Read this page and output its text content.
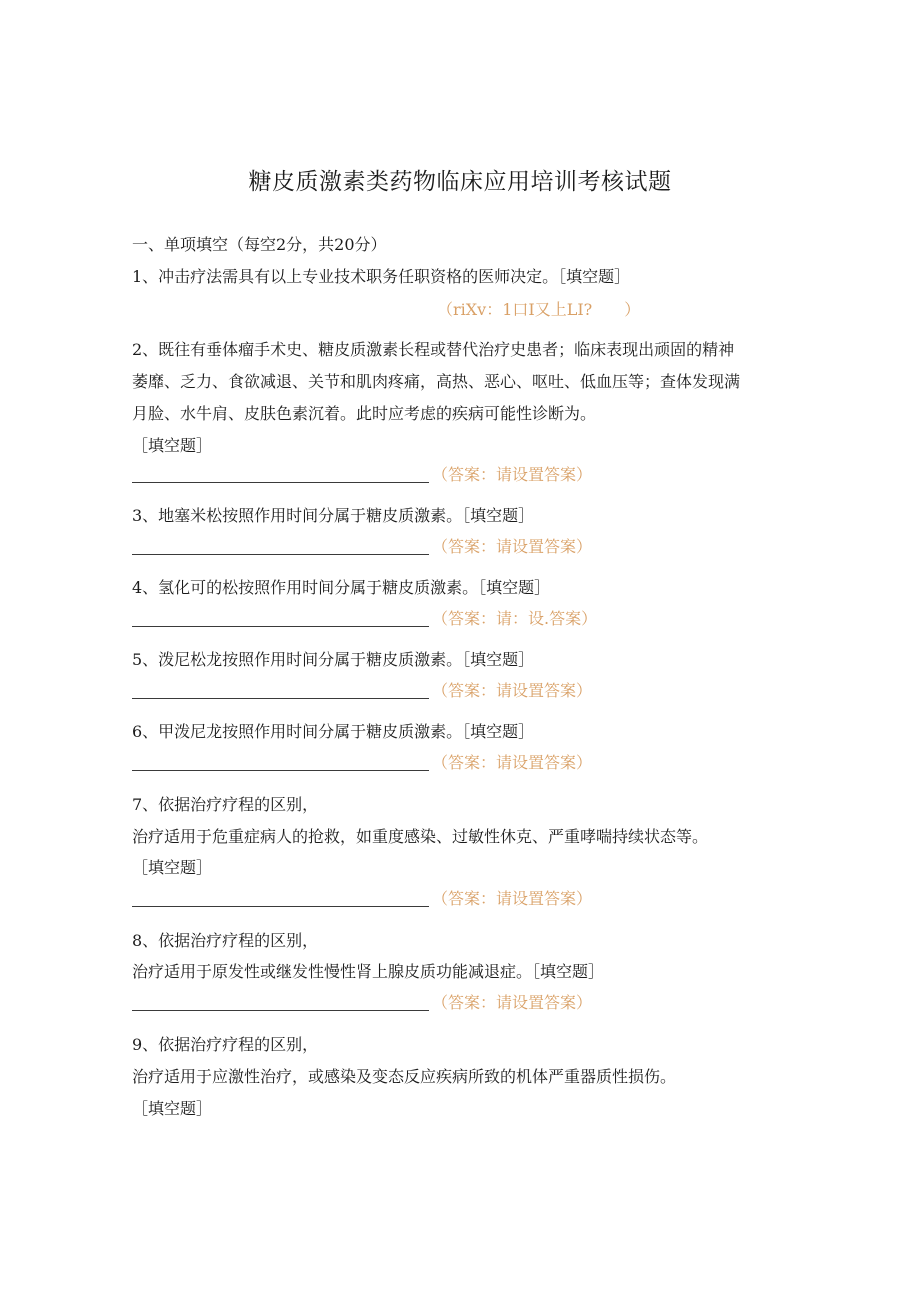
糖皮质激素类药物临床应用培训考核试题
一、单项填空（每空2分，共20分）
1、冲击疗法需具有以上专业技术职务任职资格的医师决定。［填空题］
（riXv：1口I又上LI?　　）
2、既往有垂体瘤手术史、糖皮质激素长程或替代治疗史患者；临床表现出顽固的精神
萎靡、乏力、食欲减退、关节和肌肉疼痛，高热、恶心、呕吐、低血压等；查体发现满
月脸、水牛肩、皮肤色素沉着。此时应考虑的疾病可能性诊断为。
［填空题］
（答案：请设置答案）
3、地塞米松按照作用时间分属于糖皮质激素。［填空题］
（答案：请设置答案）
4、氢化可的松按照作用时间分属于糖皮质激素。［填空题］
（答案：请：设.答案）
5、泼尼松龙按照作用时间分属于糖皮质激素。［填空题］
（答案：请设置答案）
6、甲泼尼龙按照作用时间分属于糖皮质激素。［填空题］
（答案：请设置答案）
7、依据治疗疗程的区别，
治疗适用于危重症病人的抢救，如重度感染、过敏性休克、严重哮喘持续状态等。
［填空题］
（答案：请设置答案）
8、依据治疗疗程的区别，
治疗适用于原发性或继发性慢性肾上腺皮质功能减退症。［填空题］
（答案：请设置答案）
9、依据治疗疗程的区别，
治疗适用于应激性治疗，或感染及变态反应疾病所致的机体严重器质性损伤。
［填空题］
